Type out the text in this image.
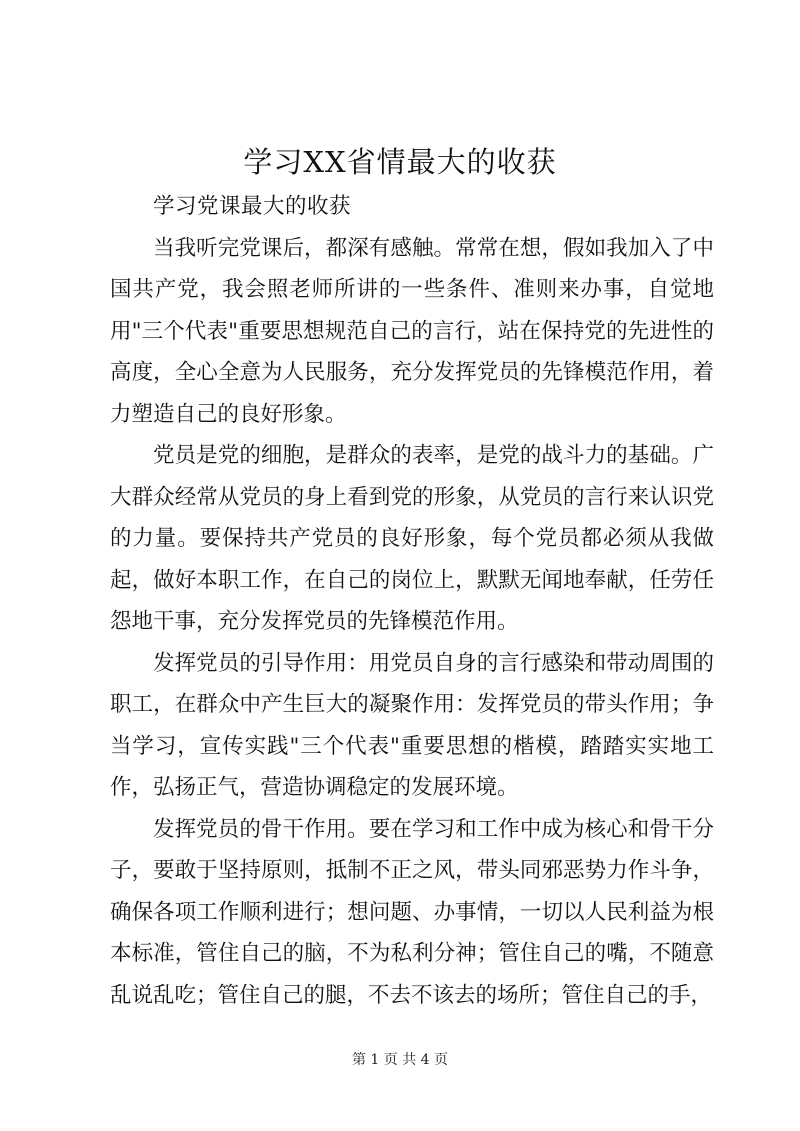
学习XX省情最大的收获

学习党课最大的收获

当我听完党课后，都深有感触。常常在想，假如我加入了中国共产党，我会照老师所讲的一些条件、准则来办事，自觉地用"三个代表"重要思想规范自己的言行，站在保持党的先进性的高度，全心全意为人民服务，充分发挥党员的先锋模范作用，着力塑造自己的良好形象。

党员是党的细胞，是群众的表率，是党的战斗力的基础。广大群众经常从党员的身上看到党的形象，从党员的言行来认识党的力量。要保持共产党员的良好形象，每个党员都必须从我做起，做好本职工作，在自己的岗位上，默默无闻地奉献，任劳任怨地干事，充分发挥党员的先锋模范作用。

发挥党员的引导作用：用党员自身的言行感染和带动周围的职工，在群众中产生巨大的凝聚作用：发挥党员的带头作用；争当学习，宣传实践"三个代表"重要思想的楷模，踏踏实实地工作，弘扬正气，营造协调稳定的发展环境。

发挥党员的骨干作用。要在学习和工作中成为核心和骨干分子，要敢于坚持原则，抵制不正之风，带头同邪恶势力作斗争，确保各项工作顺利进行；想问题、办事情，一切以人民利益为根本标准，管住自己的脑，不为私利分神；管住自己的嘴，不随意乱说乱吃；管住自己的腿，不去不该去的场所；管住自己的手，

第 1 页 共 4 页
